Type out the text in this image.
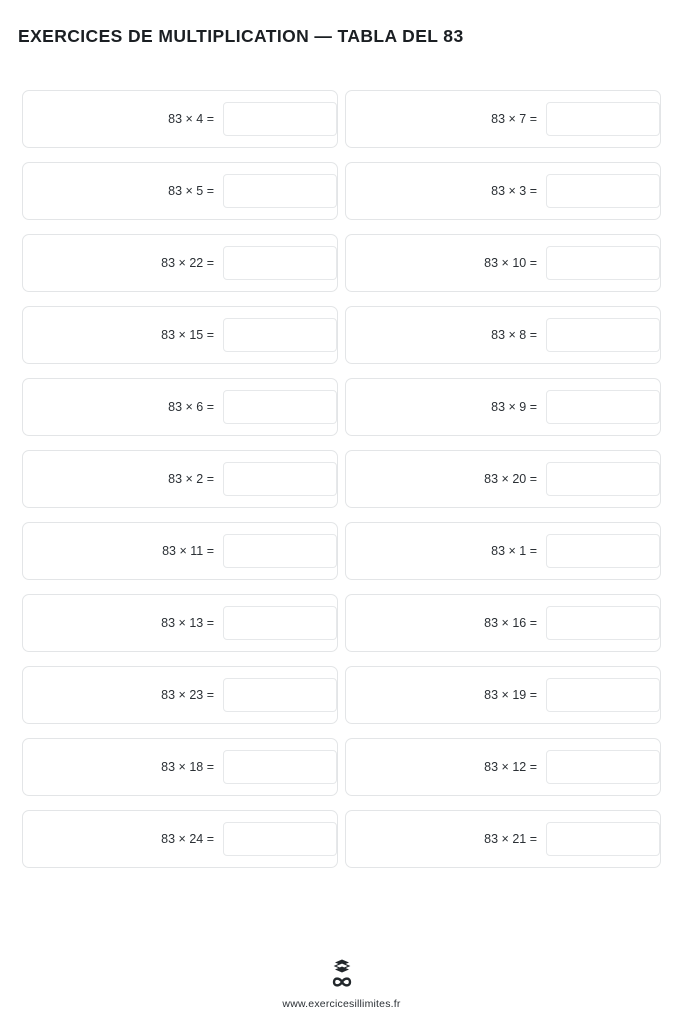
EXERCICES DE MULTIPLICATION — TABLA DEL 83
83 × 4 =	83 × 7 =
83 × 5 =	83 × 3 =
83 × 22 =	83 × 10 =
83 × 15 =	83 × 8 =
83 × 6 =	83 × 9 =
83 × 2 =	83 × 20 =
83 × 11 =	83 × 1 =
83 × 13 =	83 × 16 =
83 × 23 =	83 × 19 =
83 × 18 =	83 × 12 =
83 × 24 =	83 × 21 =
www.exercicesillimites.fr
